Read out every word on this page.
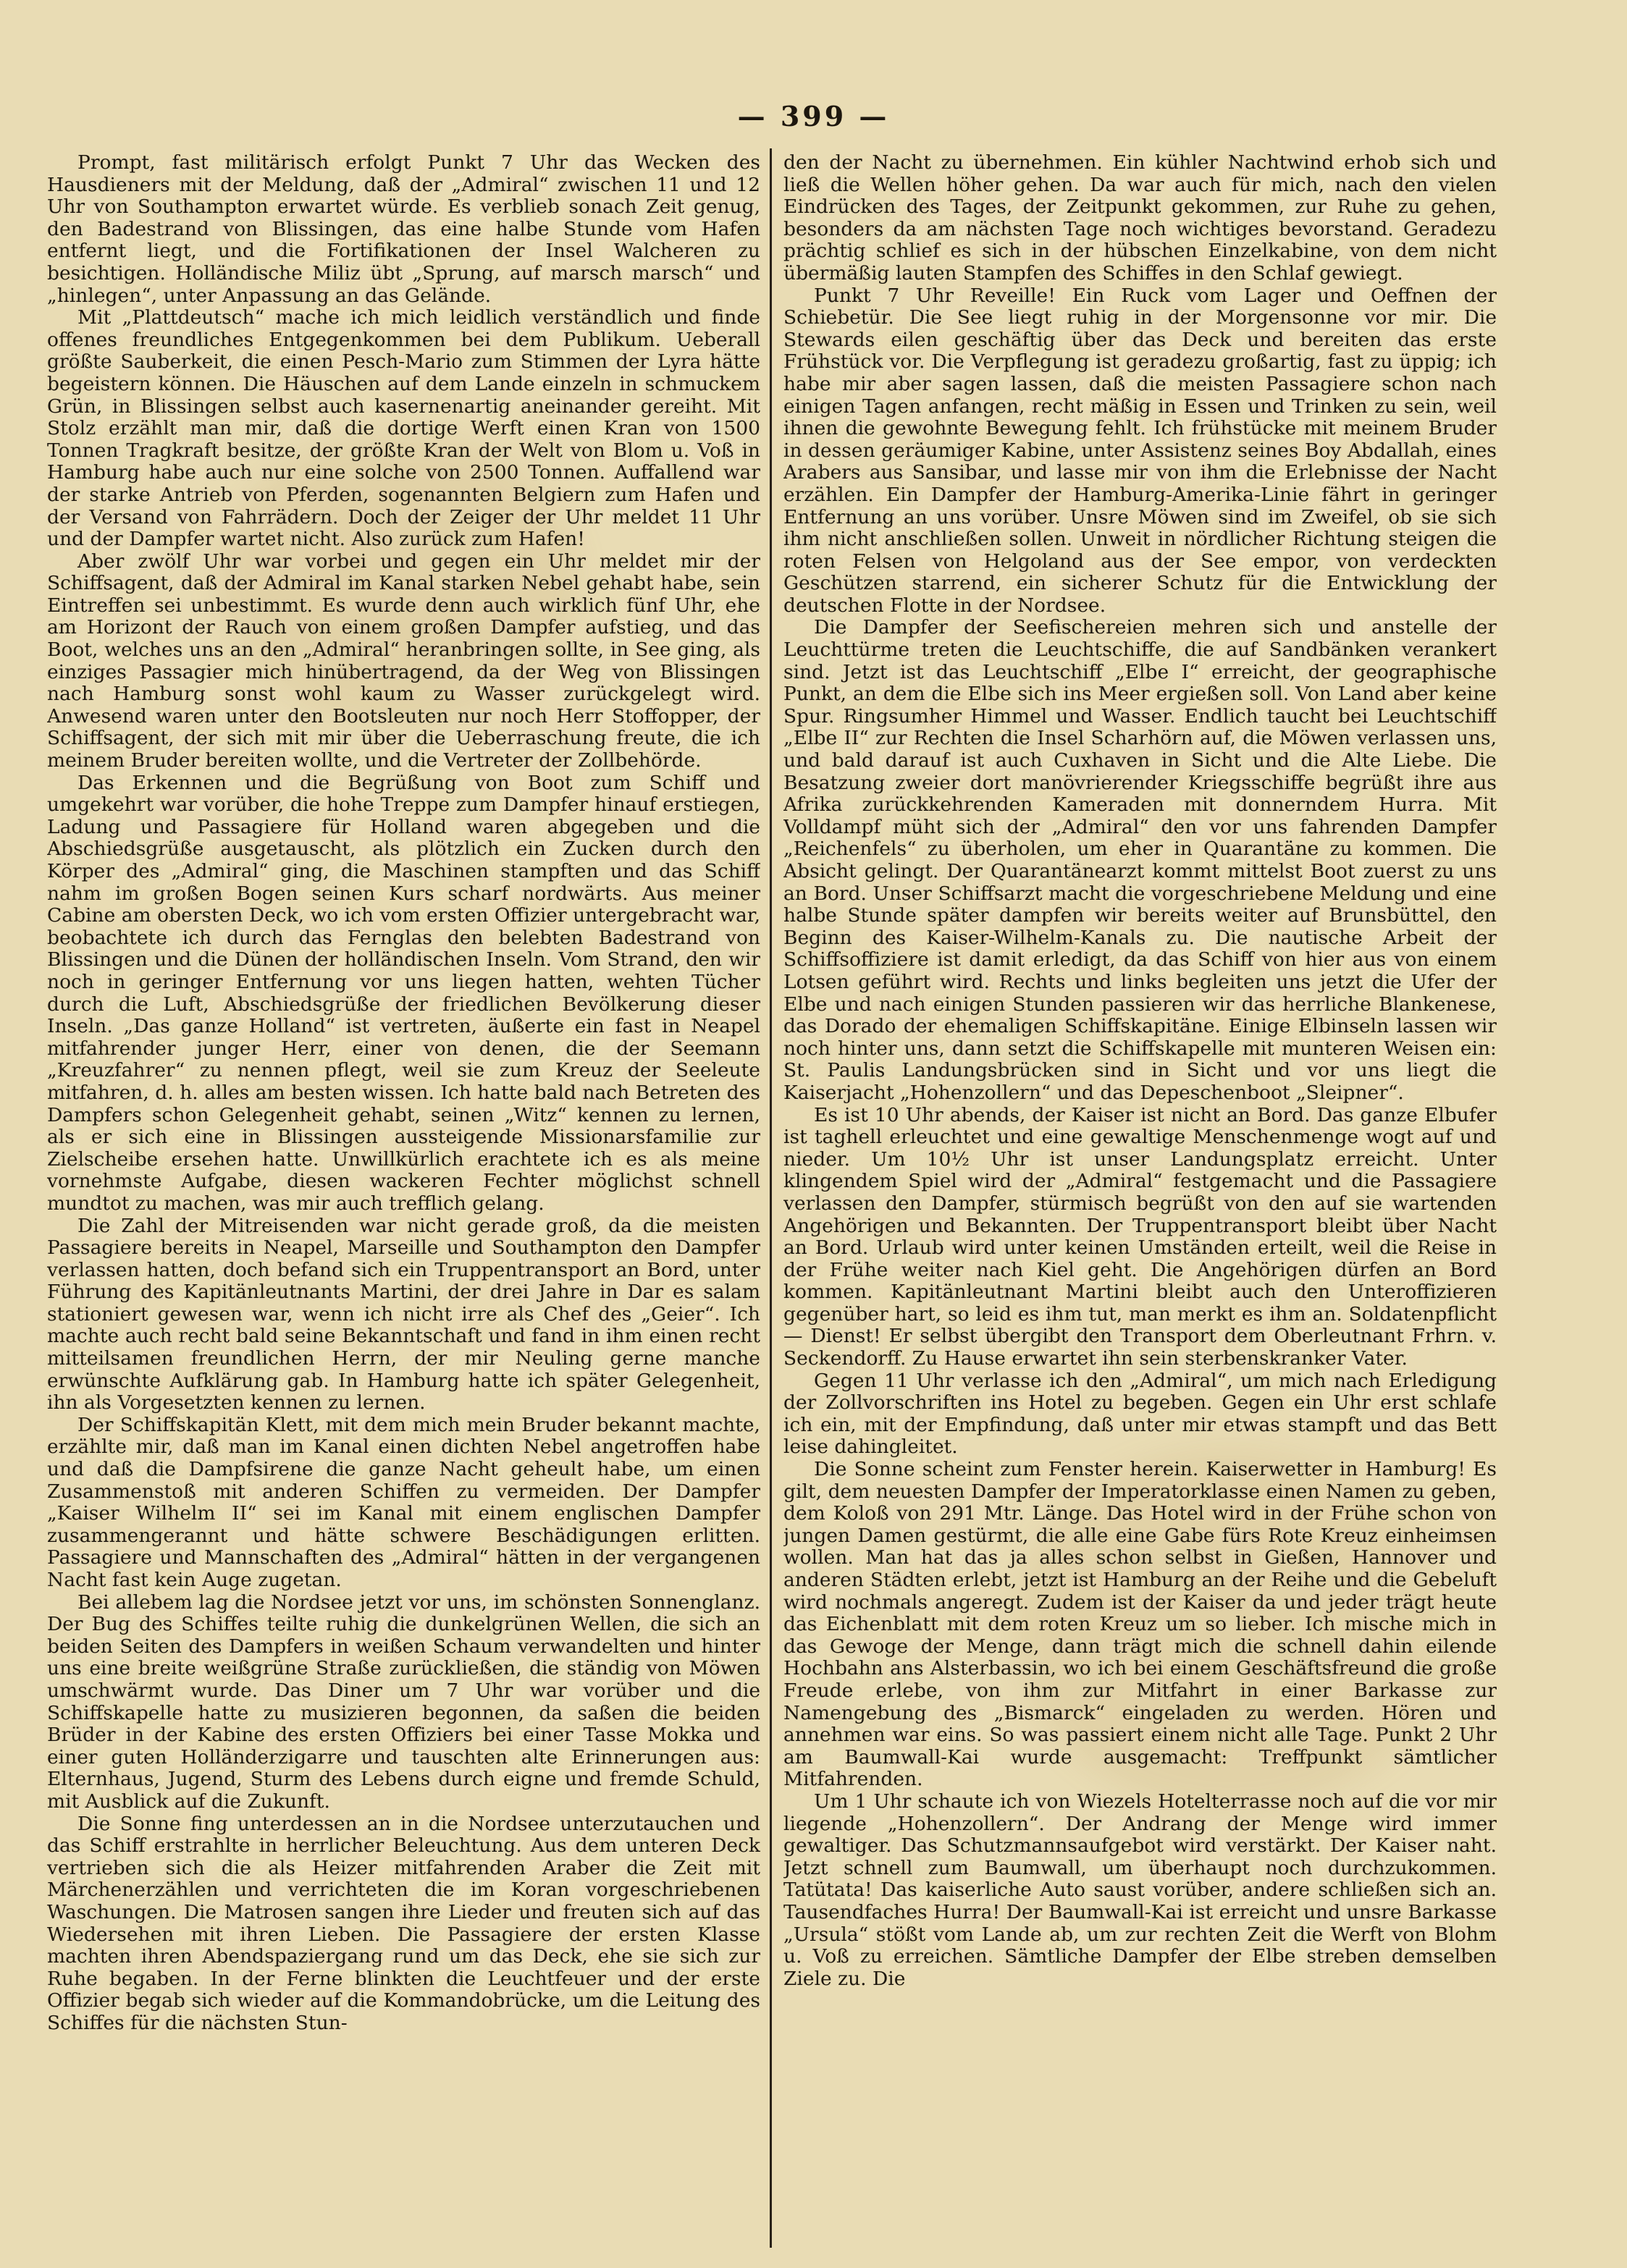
— 399 —

Prompt, fast militärisch erfolgt Punkt 7 Uhr das Wecken des Hausdieners mit der Meldung, daß der „Admiral“ zwischen 11 und 12 Uhr von Southampton erwartet würde. Es verblieb sonach Zeit genug, den Badestrand von Blissingen, das eine halbe Stunde vom Hafen entfernt liegt, und die Fortifikationen der Insel Walcheren zu besichtigen. Holländische Miliz übt „Sprung, auf marsch marsch“ und „hinlegen“, unter Anpassung an das Gelände.

Mit „Plattdeutsch“ mache ich mich leidlich verständlich und finde offenes freundliches Entgegenkommen bei dem Publikum. Ueberall größte Sauberkeit, die einen Pesch-Mario zum Stimmen der Lyra hätte begeistern können. Die Häuschen auf dem Lande einzeln in schmuckem Grün, in Blissingen selbst auch kasernenartig aneinander gereiht. Mit Stolz erzählt man mir, daß die dortige Werft einen Kran von 1500 Tonnen Tragkraft besitze, der größte Kran der Welt von Blom u. Voß in Hamburg habe auch nur eine solche von 2500 Tonnen. Auffallend war der starke Antrieb von Pferden, sogenannten Belgiern zum Hafen und der Versand von Fahrrädern. Doch der Zeiger der Uhr meldet 11 Uhr und der Dampfer wartet nicht. Also zurück zum Hafen!

Aber zwölf Uhr war vorbei und gegen ein Uhr meldet mir der Schiffsagent, daß der Admiral im Kanal starken Nebel gehabt habe, sein Eintreffen sei unbestimmt. Es wurde denn auch wirklich fünf Uhr, ehe am Horizont der Rauch von einem großen Dampfer aufstieg, und das Boot, welches uns an den „Admiral“ heranbringen sollte, in See ging, als einziges Passagier mich hinübertragend, da der Weg von Blissingen nach Hamburg sonst wohl kaum zu Wasser zurückgelegt wird. Anwesend waren unter den Bootsleuten nur noch Herr Stoffopper, der Schiffsagent, der sich mit mir über die Ueberraschung freute, die ich meinem Bruder bereiten wollte, und die Vertreter der Zollbehörde.

Das Erkennen und die Begrüßung von Boot zum Schiff und umgekehrt war vorüber, die hohe Treppe zum Dampfer hinauf erstiegen, Ladung und Passagiere für Holland waren abgegeben und die Abschiedsgrüße ausgetauscht, als plötzlich ein Zucken durch den Körper des „Admiral“ ging, die Maschinen stampften und das Schiff nahm im großen Bogen seinen Kurs scharf nordwärts. Aus meiner Cabine am obersten Deck, wo ich vom ersten Offizier untergebracht war, beobachtete ich durch das Fernglas den belebten Badestrand von Blissingen und die Dünen der holländischen Inseln. Vom Strand, den wir noch in geringer Entfernung vor uns liegen hatten, wehten Tücher durch die Luft, Abschiedsgrüße der friedlichen Bevölkerung dieser Inseln. „Das ganze Holland“ ist vertreten, äußerte ein fast in Neapel mitfahrender junger Herr, einer von denen, die der Seemann „Kreuzfahrer“ zu nennen pflegt, weil sie zum Kreuz der Seeleute mitfahren, d. h. alles am besten wissen. Ich hatte bald nach Betreten des Dampfers schon Gelegenheit gehabt, seinen „Witz“ kennen zu lernen, als er sich eine in Blissingen aussteigende Missionarsfamilie zur Zielscheibe ersehen hatte. Unwillkürlich erachtete ich es als meine vornehmste Aufgabe, diesen wackeren Fechter möglichst schnell mundtot zu machen, was mir auch trefflich gelang.

Die Zahl der Mitreisenden war nicht gerade groß, da die meisten Passagiere bereits in Neapel, Marseille und Southampton den Dampfer verlassen hatten, doch befand sich ein Truppentransport an Bord, unter Führung des Kapitänleutnants Martini, der drei Jahre in Dar es salam stationiert gewesen war, wenn ich nicht irre als Chef des „Geier“. Ich machte auch recht bald seine Bekanntschaft und fand in ihm einen recht mitteilsamen freundlichen Herrn, der mir Neuling gerne manche erwünschte Aufklärung gab. In Hamburg hatte ich später Gelegenheit, ihn als Vorgesetzten kennen zu lernen.

Der Schiffskapitän Klett, mit dem mich mein Bruder bekannt machte, erzählte mir, daß man im Kanal einen dichten Nebel angetroffen habe und daß die Dampfsirene die ganze Nacht geheult habe, um einen Zusammenstoß mit anderen Schiffen zu vermeiden. Der Dampfer „Kaiser Wilhelm II“ sei im Kanal mit einem englischen Dampfer zusammengerannt und hätte schwere Beschädigungen erlitten. Passagiere und Mannschaften des „Admiral“ hätten in der vergangenen Nacht fast kein Auge zugetan.

Bei allebem lag die Nordsee jetzt vor uns, im schönsten Sonnenglanz. Der Bug des Schiffes teilte ruhig die dunkelgrünen Wellen, die sich an beiden Seiten des Dampfers in weißen Schaum verwandelten und hinter uns eine breite weißgrüne Straße zurückließen, die ständig von Möwen umschwärmt wurde. Das Diner um 7 Uhr war vorüber und die Schiffskapelle hatte zu musizieren begonnen, da saßen die beiden Brüder in der Kabine des ersten Offiziers bei einer Tasse Mokka und einer guten Holländerzigarre und tauschten alte Erinnerungen aus: Elternhaus, Jugend, Sturm des Lebens durch eigne und fremde Schuld, mit Ausblick auf die Zukunft.

Die Sonne fing unterdessen an in die Nordsee unterzutauchen und das Schiff erstrahlte in herrlicher Beleuchtung. Aus dem unteren Deck vertrieben sich die als Heizer mitfahrenden Araber die Zeit mit Märchenerzählen und verrichteten die im Koran vorgeschriebenen Waschungen. Die Matrosen sangen ihre Lieder und freuten sich auf das Wiedersehen mit ihren Lieben. Die Passagiere der ersten Klasse machten ihren Abendspaziergang rund um das Deck, ehe sie sich zur Ruhe begaben. In der Ferne blinkten die Leuchtfeuer und der erste Offizier begab sich wieder auf die Kommandobrücke, um die Leitung des Schiffes für die nächsten Stun-

den der Nacht zu übernehmen. Ein kühler Nachtwind erhob sich und ließ die Wellen höher gehen. Da war auch für mich, nach den vielen Eindrücken des Tages, der Zeitpunkt gekommen, zur Ruhe zu gehen, besonders da am nächsten Tage noch wichtiges bevorstand. Geradezu prächtig schlief es sich in der hübschen Einzelkabine, von dem nicht übermäßig lauten Stampfen des Schiffes in den Schlaf gewiegt.

Punkt 7 Uhr Reveille! Ein Ruck vom Lager und Oeffnen der Schiebetür. Die See liegt ruhig in der Morgensonne vor mir. Die Stewards eilen geschäftig über das Deck und bereiten das erste Frühstück vor. Die Verpflegung ist geradezu großartig, fast zu üppig; ich habe mir aber sagen lassen, daß die meisten Passagiere schon nach einigen Tagen anfangen, recht mäßig in Essen und Trinken zu sein, weil ihnen die gewohnte Bewegung fehlt. Ich frühstücke mit meinem Bruder in dessen geräumiger Kabine, unter Assistenz seines Boy Abdallah, eines Arabers aus Sansibar, und lasse mir von ihm die Erlebnisse der Nacht erzählen. Ein Dampfer der Hamburg-Amerika-Linie fährt in geringer Entfernung an uns vorüber. Unsre Möwen sind im Zweifel, ob sie sich ihm nicht anschließen sollen. Unweit in nördlicher Richtung steigen die roten Felsen von Helgoland aus der See empor, von verdeckten Geschützen starrend, ein sicherer Schutz für die Entwicklung der deutschen Flotte in der Nordsee.

Die Dampfer der Seefischereien mehren sich und anstelle der Leuchttürme treten die Leuchtschiffe, die auf Sandbänken verankert sind. Jetzt ist das Leuchtschiff „Elbe I“ erreicht, der geographische Punkt, an dem die Elbe sich ins Meer ergießen soll. Von Land aber keine Spur. Ringsumher Himmel und Wasser. Endlich taucht bei Leuchtschiff „Elbe II“ zur Rechten die Insel Scharhörn auf, die Möwen verlassen uns, und bald darauf ist auch Cuxhaven in Sicht und die Alte Liebe. Die Besatzung zweier dort manövrierender Kriegsschiffe begrüßt ihre aus Afrika zurückkehrenden Kameraden mit donnerndem Hurra. Mit Volldampf müht sich der „Admiral“ den vor uns fahrenden Dampfer „Reichenfels“ zu überholen, um eher in Quarantäne zu kommen. Die Absicht gelingt. Der Quarantänearzt kommt mittelst Boot zuerst zu uns an Bord. Unser Schiffsarzt macht die vorgeschriebene Meldung und eine halbe Stunde später dampfen wir bereits weiter auf Brunsbüttel, den Beginn des Kaiser-Wilhelm-Kanals zu. Die nautische Arbeit der Schiffsoffiziere ist damit erledigt, da das Schiff von hier aus von einem Lotsen geführt wird. Rechts und links begleiten uns jetzt die Ufer der Elbe und nach einigen Stunden passieren wir das herrliche Blankenese, das Dorado der ehemaligen Schiffskapitäne. Einige Elbinseln lassen wir noch hinter uns, dann setzt die Schiffskapelle mit munteren Weisen ein: St. Paulis Landungsbrücken sind in Sicht und vor uns liegt die Kaiserjacht „Hohenzollern“ und das Depeschenboot „Sleipner“.

Es ist 10 Uhr abends, der Kaiser ist nicht an Bord. Das ganze Elbufer ist taghell erleuchtet und eine gewaltige Menschenmenge wogt auf und nieder. Um 10½ Uhr ist unser Landungsplatz erreicht. Unter klingendem Spiel wird der „Admiral“ festgemacht und die Passagiere verlassen den Dampfer, stürmisch begrüßt von den auf sie wartenden Angehörigen und Bekannten. Der Truppentransport bleibt über Nacht an Bord. Urlaub wird unter keinen Umständen erteilt, weil die Reise in der Frühe weiter nach Kiel geht. Die Angehörigen dürfen an Bord kommen. Kapitänleutnant Martini bleibt auch den Unteroffizieren gegenüber hart, so leid es ihm tut, man merkt es ihm an. Soldatenpflicht — Dienst! Er selbst übergibt den Transport dem Oberleutnant Frhrn. v. Seckendorff. Zu Hause erwartet ihn sein sterbenskranker Vater.

Gegen 11 Uhr verlasse ich den „Admiral“, um mich nach Erledigung der Zollvorschriften ins Hotel zu begeben. Gegen ein Uhr erst schlafe ich ein, mit der Empfindung, daß unter mir etwas stampft und das Bett leise dahingleitet.

Die Sonne scheint zum Fenster herein. Kaiserwetter in Hamburg! Es gilt, dem neuesten Dampfer der Imperatorklasse einen Namen zu geben, dem Koloß von 291 Mtr. Länge. Das Hotel wird in der Frühe schon von jungen Damen gestürmt, die alle eine Gabe fürs Rote Kreuz einheimsen wollen. Man hat das ja alles schon selbst in Gießen, Hannover und anderen Städten erlebt, jetzt ist Hamburg an der Reihe und die Gebeluft wird nochmals angeregt. Zudem ist der Kaiser da und jeder trägt heute das Eichenblatt mit dem roten Kreuz um so lieber. Ich mische mich in das Gewoge der Menge, dann trägt mich die schnell dahin eilende Hochbahn ans Alsterbassin, wo ich bei einem Geschäftsfreund die große Freude erlebe, von ihm zur Mitfahrt in einer Barkasse zur Namengebung des „Bismarck“ eingeladen zu werden. Hören und annehmen war eins. So was passiert einem nicht alle Tage. Punkt 2 Uhr am Baumwall-Kai wurde ausgemacht: Treffpunkt sämtlicher Mitfahrenden.

Um 1 Uhr schaute ich von Wiezels Hotelterrasse noch auf die vor mir liegende „Hohenzollern“. Der Andrang der Menge wird immer gewaltiger. Das Schutzmannsaufgebot wird verstärkt. Der Kaiser naht. Jetzt schnell zum Baumwall, um überhaupt noch durchzukommen. Tatütata! Das kaiserliche Auto saust vorüber, andere schließen sich an. Tausendfaches Hurra! Der Baumwall-Kai ist erreicht und unsre Barkasse „Ursula“ stößt vom Lande ab, um zur rechten Zeit die Werft von Blohm u. Voß zu erreichen. Sämtliche Dampfer der Elbe streben demselben Ziele zu. Die
